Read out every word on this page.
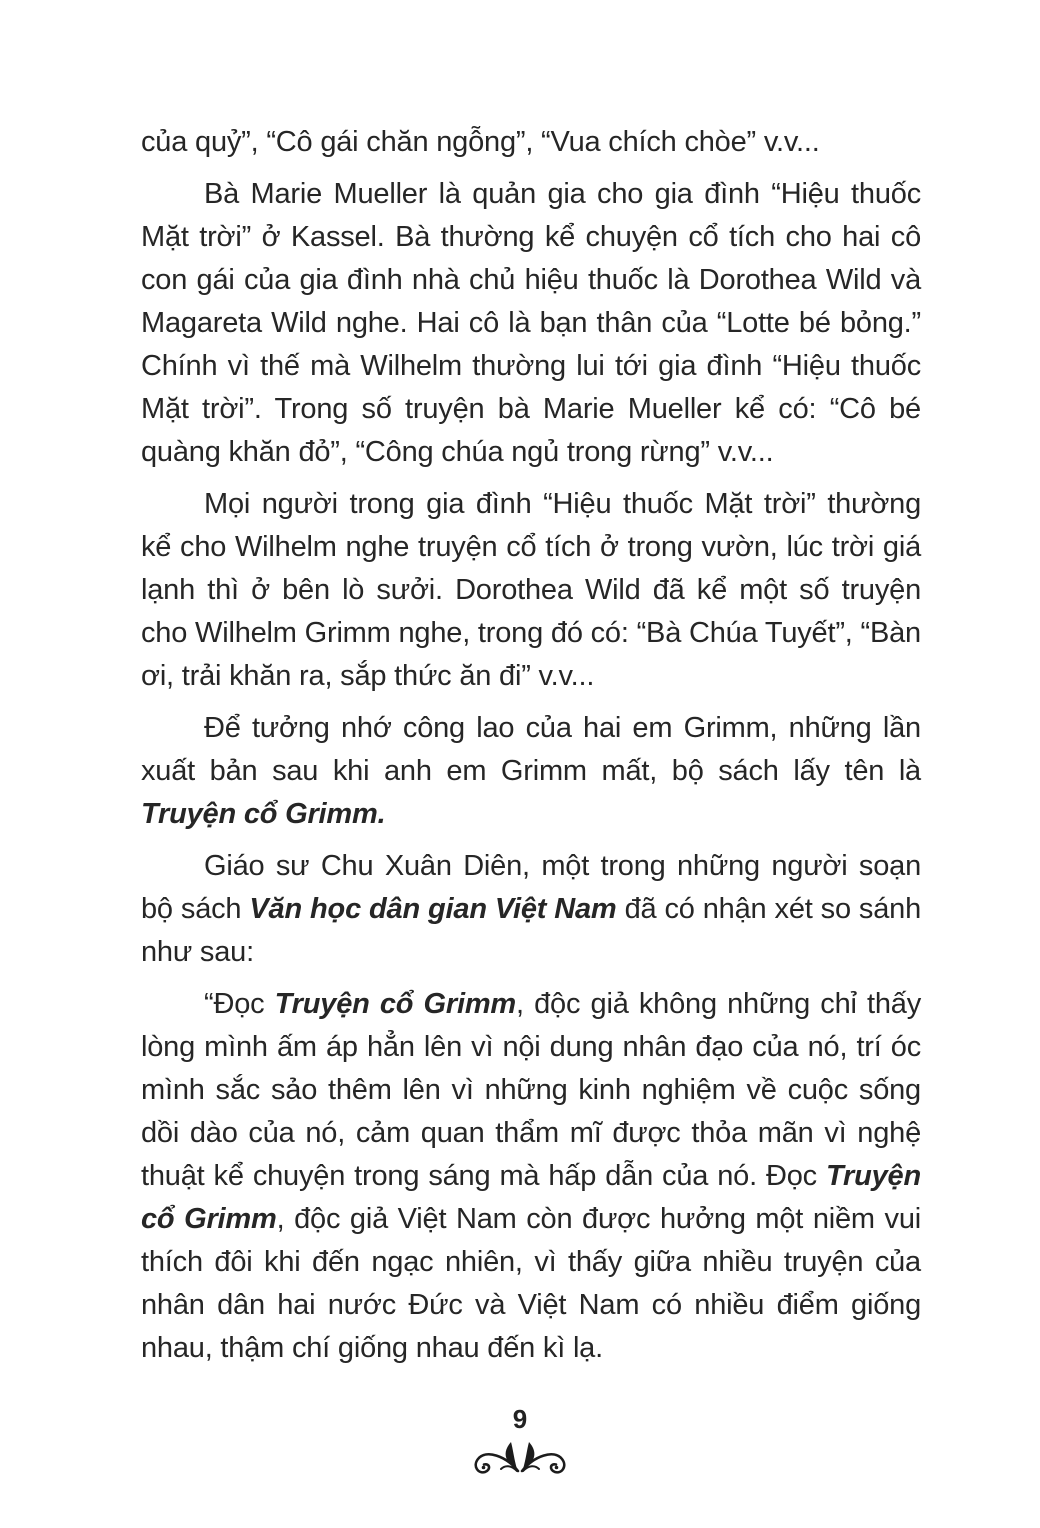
của quỷ”, “Cô gái chăn ngỗng”, “Vua chích chòe” v.v...

Bà Marie Mueller là quản gia cho gia đình “Hiệu thuốc Mặt trời” ở Kassel. Bà thường kể chuyện cổ tích cho hai cô con gái của gia đình nhà chủ hiệu thuốc là Dorothea Wild và Magareta Wild nghe. Hai cô là bạn thân của “Lotte bé bỏng.” Chính vì thế mà Wilhelm thường lui tới gia đình “Hiệu thuốc Mặt trời”. Trong số truyện bà Marie Mueller kể có: “Cô bé quàng khăn đỏ”, “Công chúa ngủ trong rừng” v.v...

Mọi người trong gia đình “Hiệu thuốc Mặt trời” thường kể cho Wilhelm nghe truyện cổ tích ở trong vườn, lúc trời giá lạnh thì ở bên lò sưởi. Dorothea Wild đã kể một số truyện cho Wilhelm Grimm nghe, trong đó có: “Bà Chúa Tuyết”, “Bàn ơi, trải khăn ra, sắp thức ăn đi” v.v...

Để tưởng nhớ công lao của hai em Grimm, những lần xuất bản sau khi anh em Grimm mất, bộ sách lấy tên là Truyện cổ Grimm.

Giáo sư Chu Xuân Diên, một trong những người soạn bộ sách Văn học dân gian Việt Nam đã có nhận xét so sánh như sau:

“Đọc Truyện cổ Grimm, độc giả không những chỉ thấy lòng mình ấm áp hẳn lên vì nội dung nhân đạo của nó, trí óc mình sắc sảo thêm lên vì những kinh nghiệm về cuộc sống dồi dào của nó, cảm quan thẩm mĩ được thỏa mãn vì nghệ thuật kể chuyện trong sáng mà hấp dẫn của nó. Đọc Truyện cổ Grimm, độc giả Việt Nam còn được hưởng một niềm vui thích đôi khi đến ngạc nhiên, vì thấy giữa nhiều truyện của nhân dân hai nước Đức và Việt Nam có nhiều điểm giống nhau, thậm chí giống nhau đến kì lạ.

9
